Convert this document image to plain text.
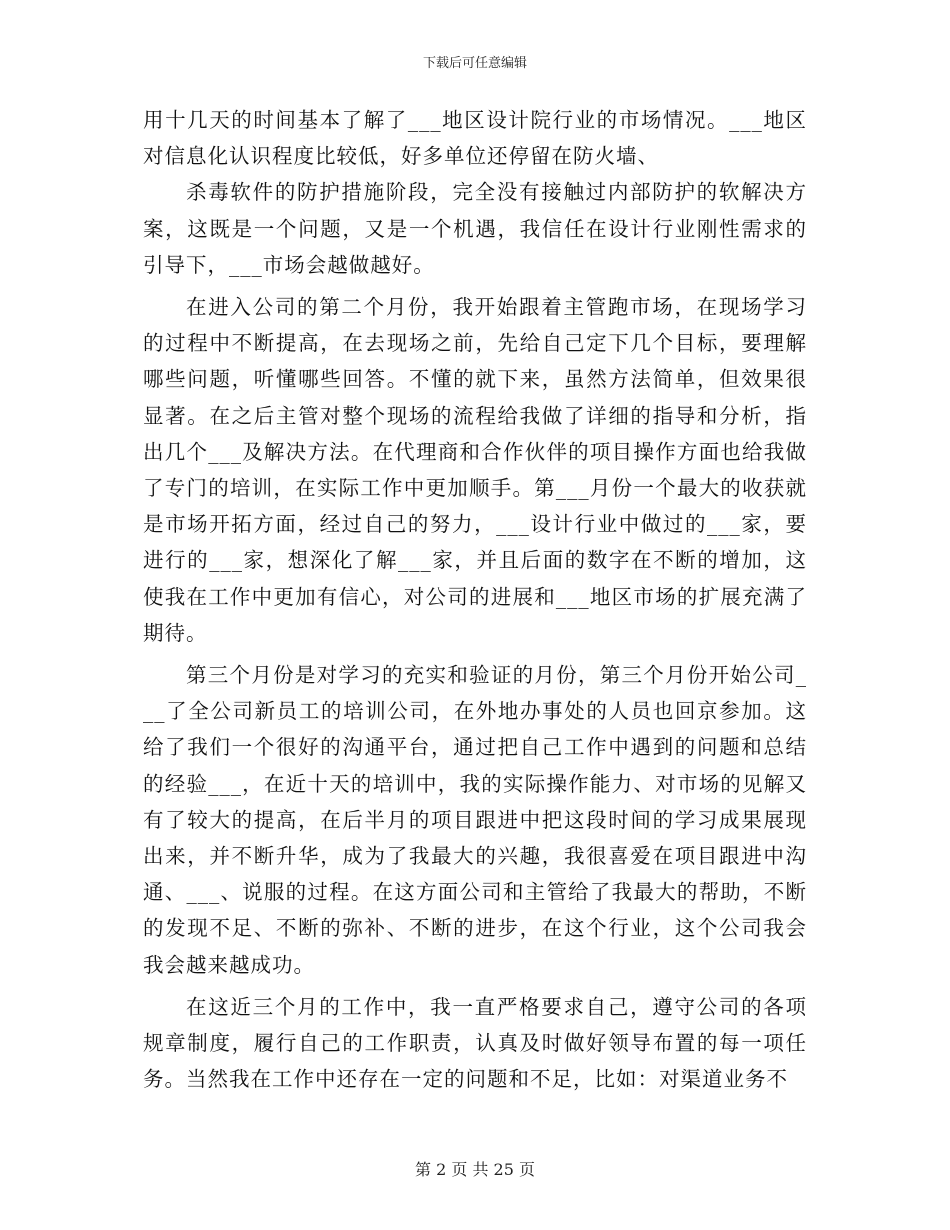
下载后可任意编辑

用十几天的时间基本了解了___地区设计院行业的市场情况。___地区对信息化认识程度比较低，好多单位还停留在防火墙、

杀毒软件的防护措施阶段，完全没有接触过内部防护的软解决方案，这既是一个问题，又是一个机遇，我信任在设计行业刚性需求的引导下，___市场会越做越好。

在进入公司的第二个月份，我开始跟着主管跑市场，在现场学习的过程中不断提高，在去现场之前，先给自己定下几个目标，要理解哪些问题，听懂哪些回答。不懂的就下来，虽然方法简单，但效果很显著。在之后主管对整个现场的流程给我做了详细的指导和分析，指出几个___及解决方法。在代理商和合作伙伴的项目操作方面也给我做了专门的培训，在实际工作中更加顺手。第___月份一个最大的收获就是市场开拓方面，经过自己的努力，___设计行业中做过的___家，要进行的___家，想深化了解___家，并且后面的数字在不断的增加，这使我在工作中更加有信心，对公司的进展和___地区市场的扩展充满了期待。

第三个月份是对学习的充实和验证的月份，第三个月份开始公司___了全公司新员工的培训公司，在外地办事处的人员也回京参加。这给了我们一个很好的沟通平台，通过把自己工作中遇到的问题和总结的经验___，在近十天的培训中，我的实际操作能力、对市场的见解又有了较大的提高，在后半月的项目跟进中把这段时间的学习成果展现出来，并不断升华，成为了我最大的兴趣，我很喜爱在项目跟进中沟通、___、说服的过程。在这方面公司和主管给了我最大的帮助，不断的发现不足、不断的弥补、不断的进步，在这个行业，这个公司我会我会越来越成功。

在这近三个月的工作中，我一直严格要求自己，遵守公司的各项规章制度，履行自己的工作职责，认真及时做好领导布置的每一项任务。当然我在工作中还存在一定的问题和不足，比如：对渠道业务不

第 2 页 共 25 页
